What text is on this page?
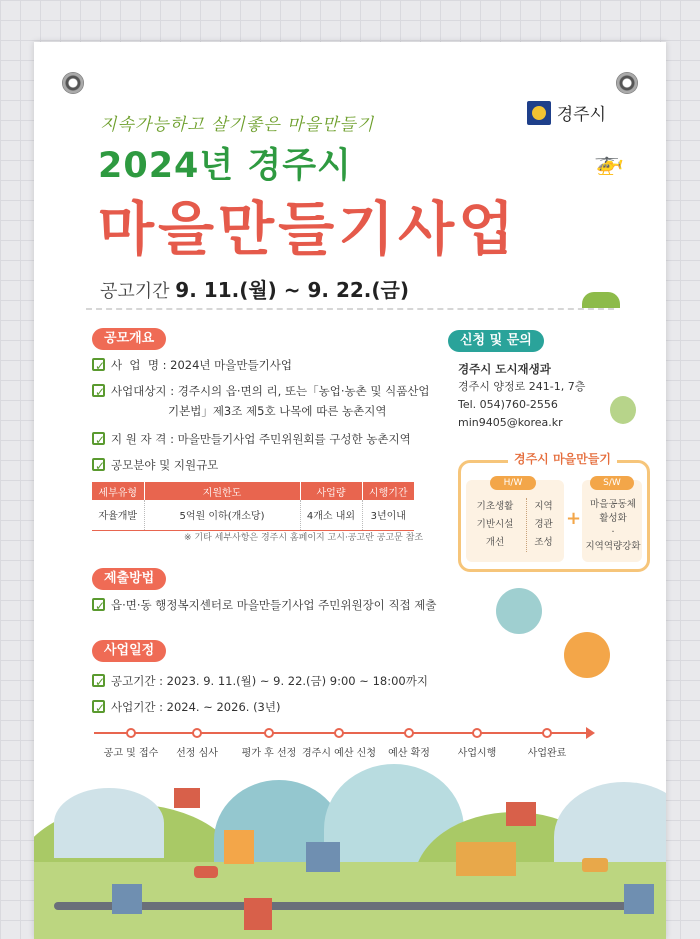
경주시
지속가능하고 살기좋은 마을만들기
2024년 경주시
마을만들기사업
🚁
공고기간 9. 11.(월) ~ 9. 22.(금)
공모개요
✓
사  업  명
: 2024년 마을만들기사업
✓
사업대상지
: 경주시의 읍·면의 리, 또는「농업·농촌 및 식품산업
기본법」제3조 제5호 나목에 따른 농촌지역
✓
지 원 자 격
: 마을만들기사업 주민위원회를 구성한 농촌지역
✓
공모분야 및 지원규모
세부유형	지원한도	사업량	시행기간
자율개발	5억원 이하(개소당)	4개소 내외	3년이내
※ 기타 세부사항은 경주시 홈페이지 고시·공고란 공고문 참조
제출방법
✓
읍·면·동 행정복지센터로 마을만들기사업 주민위원장이 직접 제출
사업일정
✓
공고기간 : 2023. 9. 11.(월) ~ 9. 22.(금) 9:00 ~ 18:00까지
✓
사업기간 : 2024. ~ 2026. (3년)
공고 및 접수 선정 심사 평가 후 선정 경주시 예산 신청 예산 확정	사업시행	사업완료
신청 및 문의
경주시 도시재생과
경주시 양정로 241-1, 7층
Tel. 054)760-2556
min9405@korea.kr
경주시 마을만들기
H/W	S/W
기초생활
기반시설
개선
지역
경관
조성
+
마을공동체
활성화
·
지역역량강화
